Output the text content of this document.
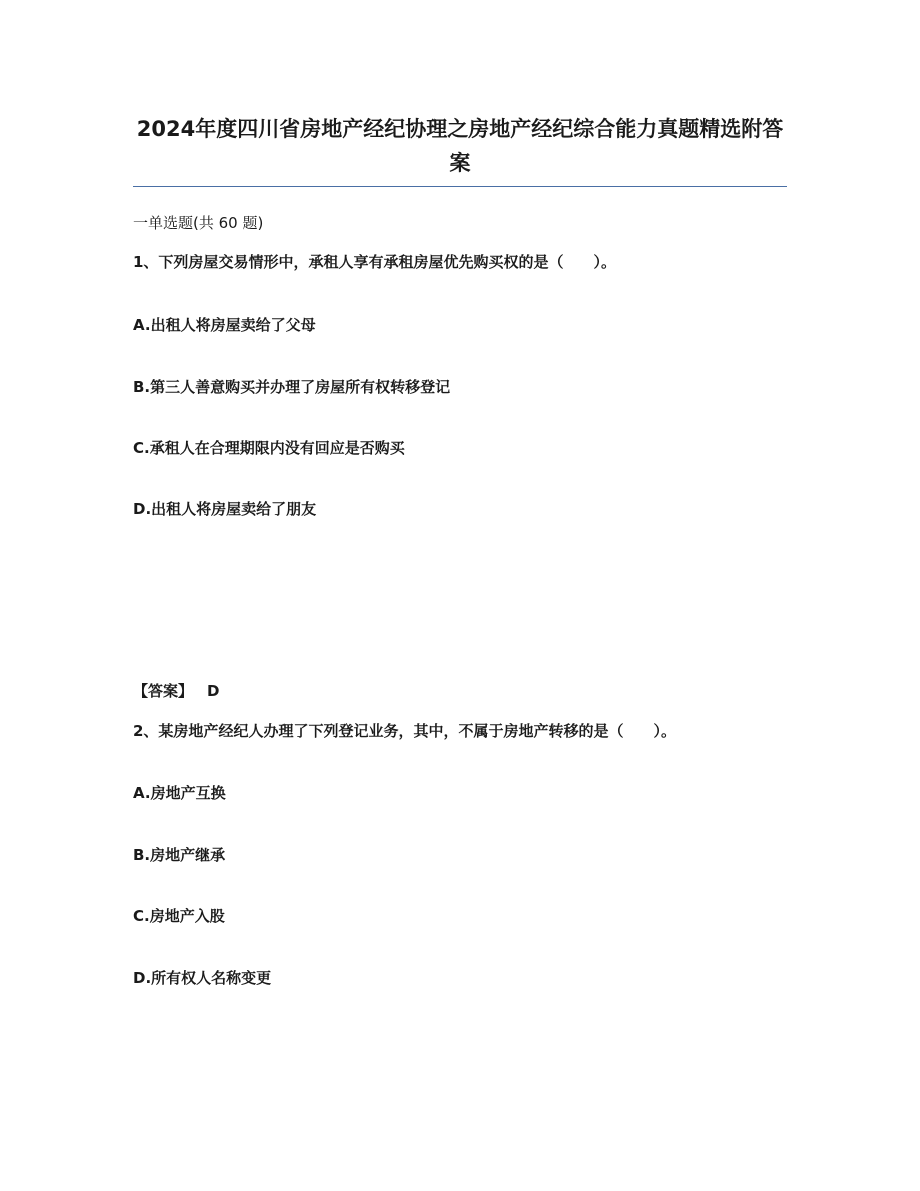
2024年度四川省房地产经纪协理之房地产经纪综合能力真题精选附答案
一单选题(共 60 题)
1、下列房屋交易情形中，承租人享有承租房屋优先购买权的是（　　）。
A.出租人将房屋卖给了父母
B.第三人善意购买并办理了房屋所有权转移登记
C.承租人在合理期限内没有回应是否购买
D.出租人将房屋卖给了朋友
【答案】 D
2、某房地产经纪人办理了下列登记业务，其中，不属于房地产转移的是（　　）。
A.房地产互换
B.房地产继承
C.房地产入股
D.所有权人名称变更
